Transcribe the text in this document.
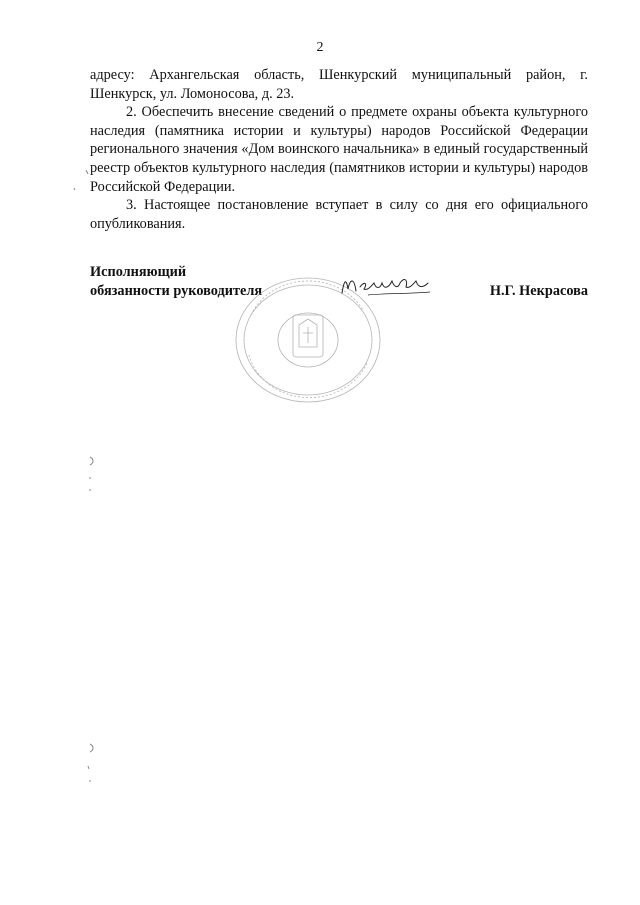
2

адресу: Архангельская область, Шенкурский муниципальный район, г. Шенкурск, ул. Ломоносова, д. 23.

2. Обеспечить внесение сведений о предмете охраны объекта культурного наследия (памятника истории и культуры) народов Российской Федерации регионального значения «Дом воинского начальника» в единый государственный реестр объектов культурного наследия (памятников истории и культуры) народов Российской Федерации.

3. Настоящее постановление вступает в силу со дня его официального опубликования.

Исполняющий
обязанности руководителя	Н.Г. Некрасова
